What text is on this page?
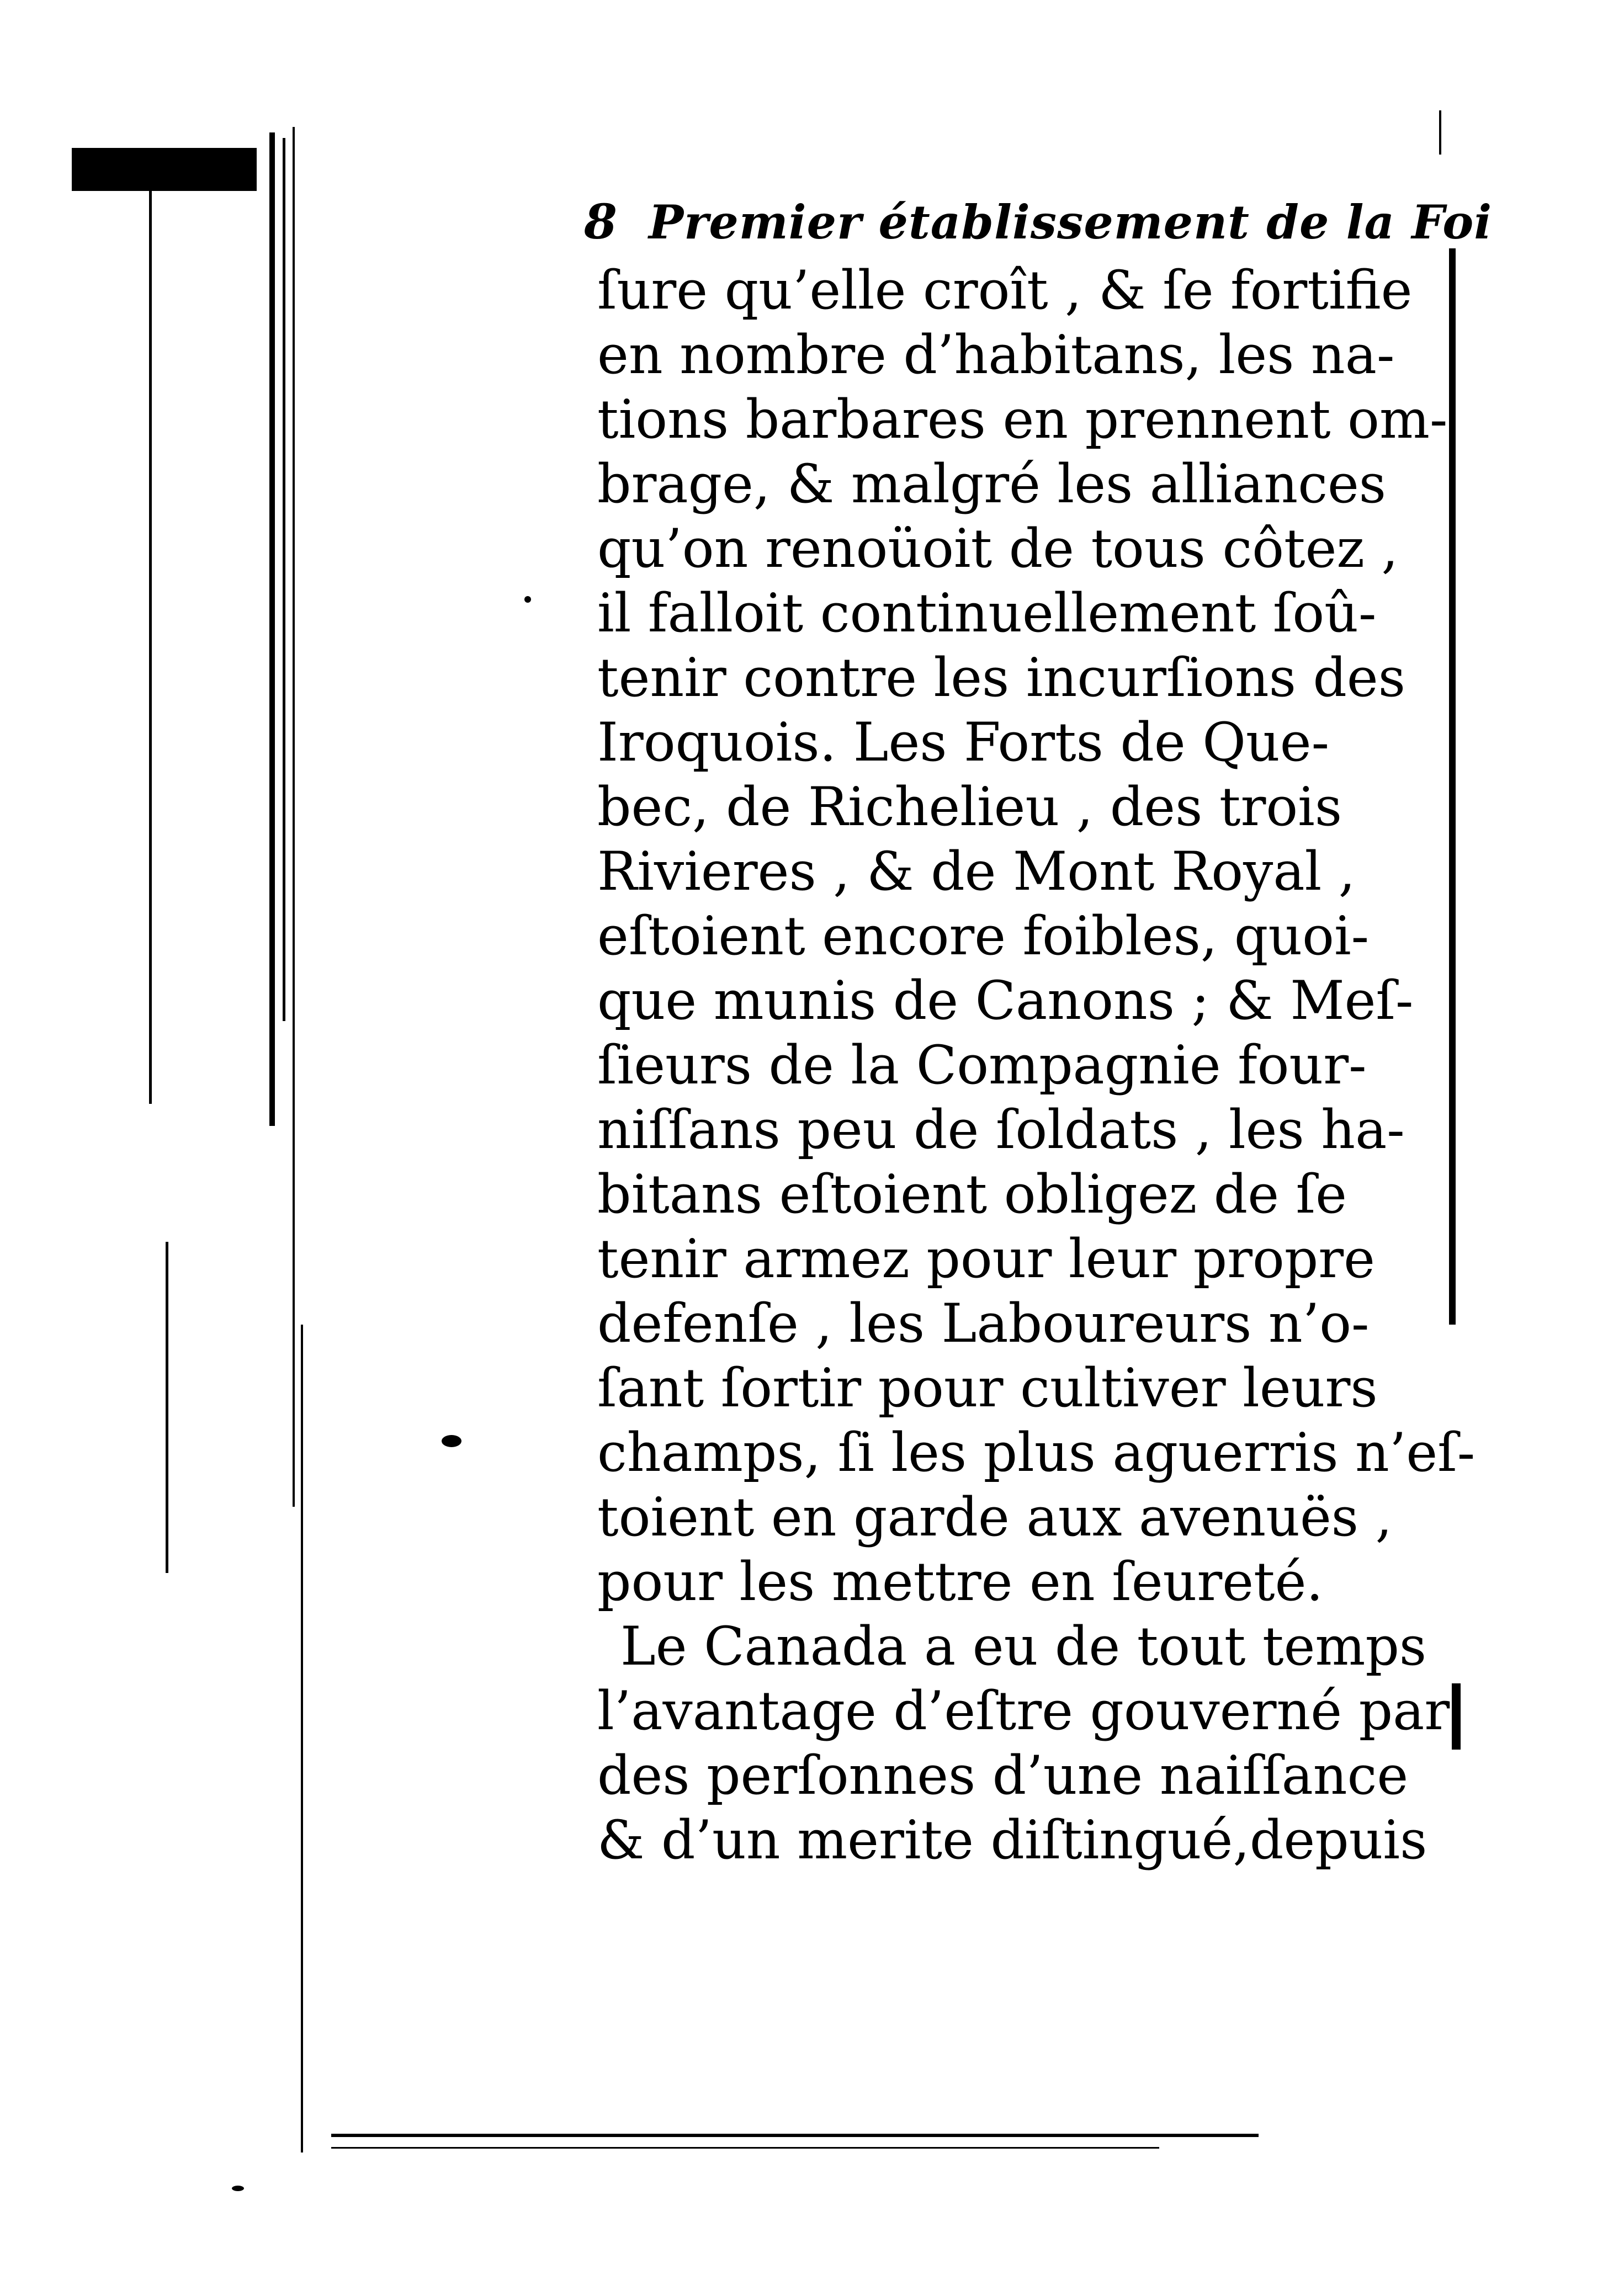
8 Premier établissement de la Foi
ſure qu’elle croît , & ſe fortifie
en nombre d’habitans, les na-
tions barbares en prennent om-
brage, & malgré les alliances
qu’on renoüoit de tous côtez ,
il falloit continuellement ſoû-
tenir contre les incurſions des
Iroquois. Les Forts de Que-
bec, de Richelieu , des trois
Rivieres , & de Mont Royal ,
eſtoient encore foibles, quoi-
que munis de Canons ; & Meſ-
ſieurs de la Compagnie four-
niſſans peu de ſoldats , les ha-
bitans eſtoient obligez de ſe
tenir armez pour leur propre
defenſe , les Laboureurs n’o-
ſant ſortir pour cultiver leurs
champs, ſi les plus aguerris n’eſ-
toient en garde aux avenuës ,
pour les mettre en ſeureté.
Le Canada a eu de tout temps
l’avantage d’eſtre gouverné par
des perſonnes d’une naiſſance
& d’un merite diſtingué,depuis
